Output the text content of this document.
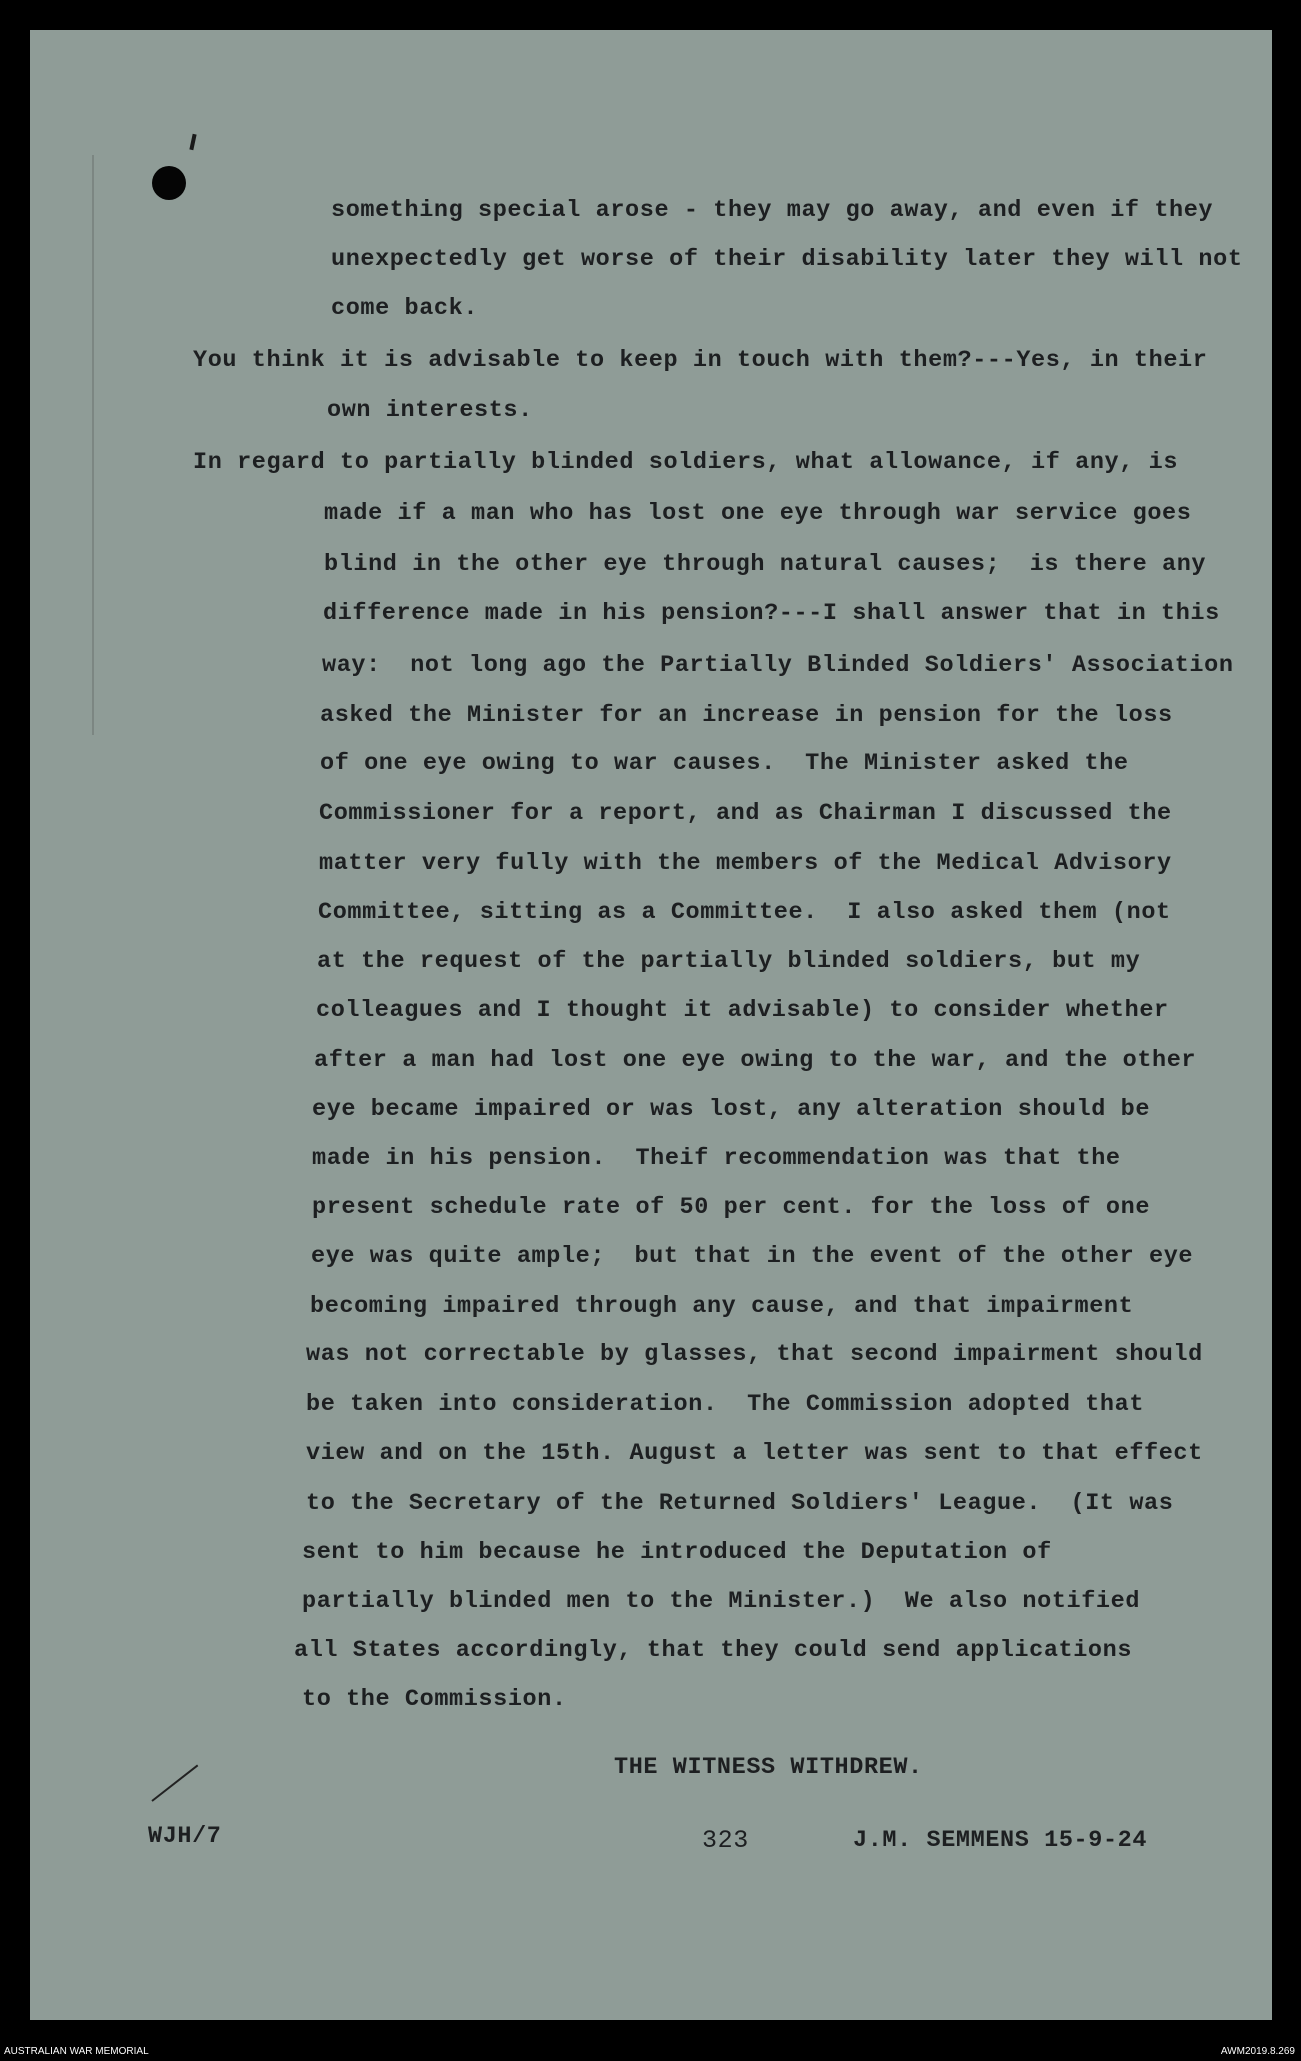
something special arose - they may go away, and even if they
unexpectedly get worse of their disability later they will not
come back.
You think it is advisable to keep in touch with them?---Yes, in their
own interests.
In regard to partially blinded soldiers, what allowance, if any, is
made if a man who has lost one eye through war service goes
blind in the other eye through natural causes;  is there any
difference made in his pension?---I shall answer that in this
way:  not long ago the Partially Blinded Soldiers' Association
asked the Minister for an increase in pension for the loss
of one eye owing to war causes.  The Minister asked the
Commissioner for a report, and as Chairman I discussed the
matter very fully with the members of the Medical Advisory
Committee, sitting as a Committee.  I also asked them (not
at the request of the partially blinded soldiers, but my
colleagues and I thought it advisable) to consider whether
after a man had lost one eye owing to the war, and the other
eye became impaired or was lost, any alteration should be
made in his pension.  Theif recommendation was that the
present schedule rate of 50 per cent. for the loss of one
eye was quite ample;  but that in the event of the other eye
becoming impaired through any cause, and that impairment
was not correctable by glasses, that second impairment should
be taken into consideration.  The Commission adopted that
view and on the 15th. August a letter was sent to that effect
to the Secretary of the Returned Soldiers' League.  (It was
sent to him because he introduced the Deputation of
partially blinded men to the Minister.)  We also notified
all States accordingly, that they could send applications
to the Commission.
THE WITNESS WITHDREW.
WJH/7	323	J.M. SEMMENS 15-9-24
AUSTRALIAN WAR MEMORIAL	AWM2019.8.269
